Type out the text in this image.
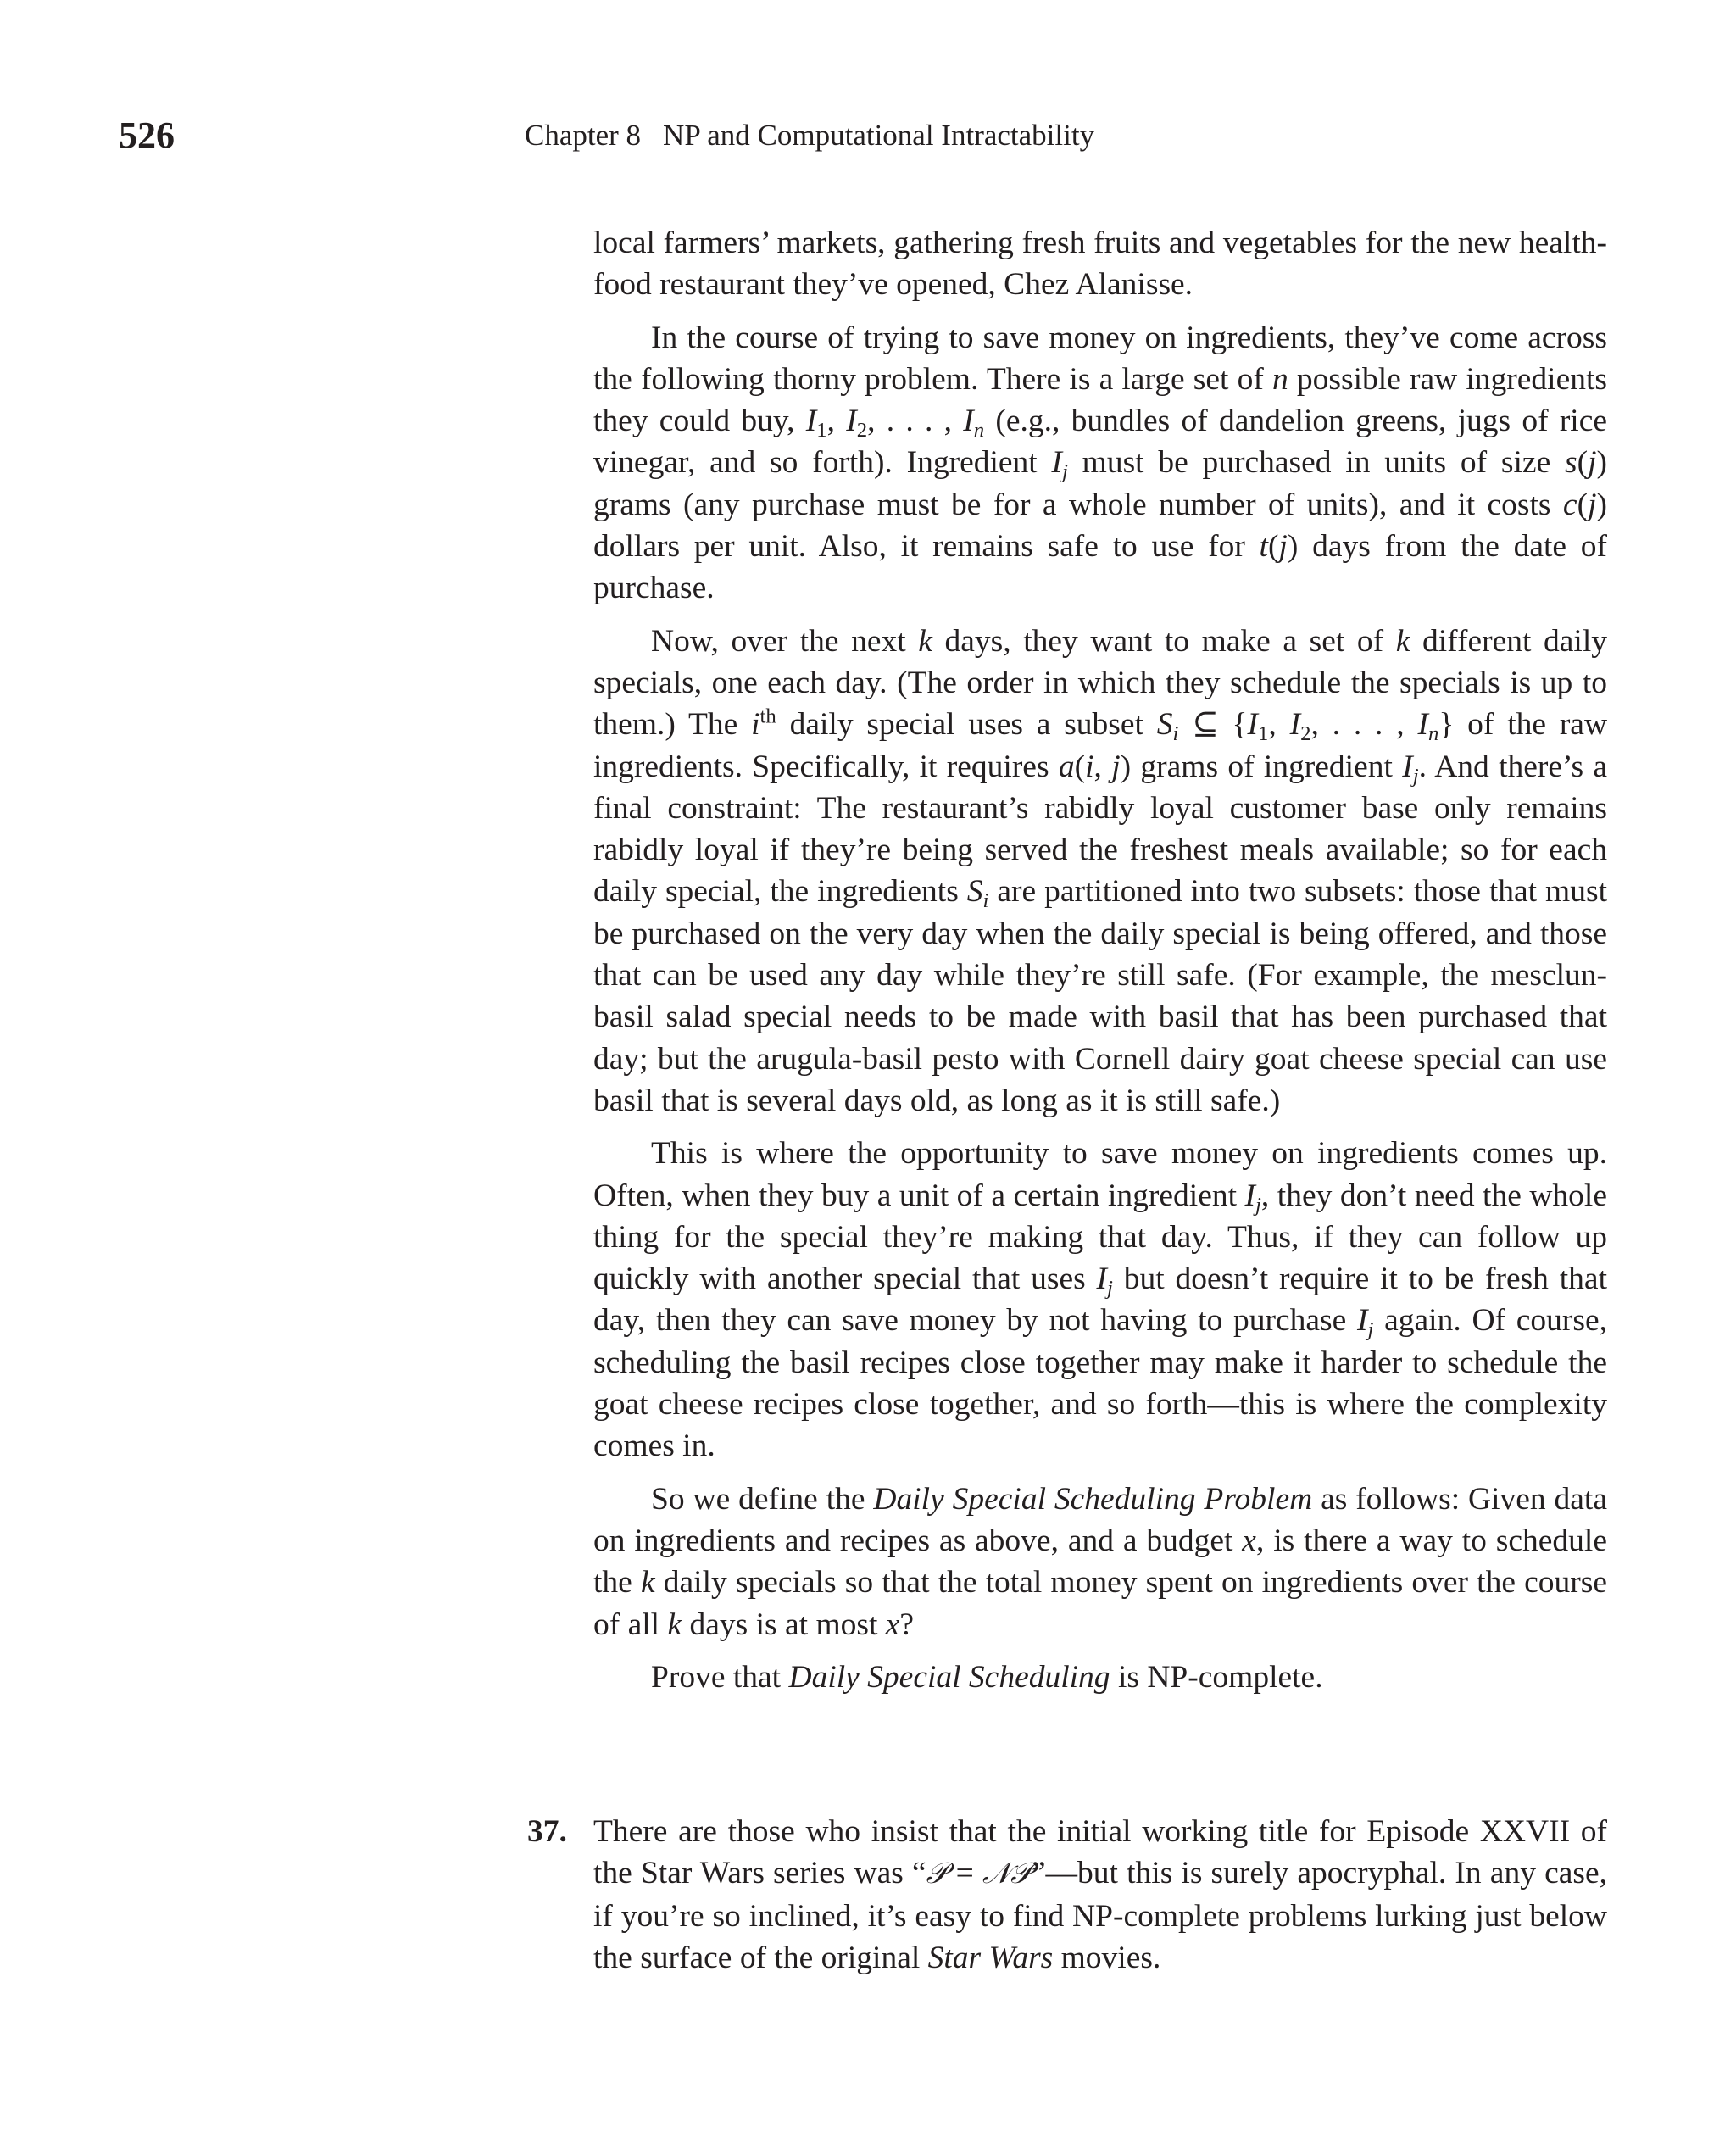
526	Chapter 8 NP and Computational Intractability

local farmers’ markets, gathering fresh fruits and vegetables for the new health-food restaurant they’ve opened, Chez Alanisse.

In the course of trying to save money on ingredients, they’ve come across the following thorny problem. There is a large set of n possible raw ingredients they could buy, $I_1$, $I_2$, . . . , $I_n$ (e.g., bundles of dandelion greens, jugs of rice vinegar, and so forth). Ingredient $I_j$ must be purchased in units of size s(j) grams (any purchase must be for a whole number of units), and it costs c(j) dollars per unit. Also, it remains safe to use for t(j) days from the date of purchase.

Now, over the next k days, they want to make a set of k different daily specials, one each day. (The order in which they schedule the specials is up to them.) The $i^{th}$ daily special uses a subset $S_i$ ⊆ {$I_1$, $I_2$, . . . , $I_n$} of the raw ingredients. Specifically, it requires a(i, j) grams of ingredient $I_j$. And there’s a final constraint: The restaurant’s rabidly loyal customer base only remains rabidly loyal if they’re being served the freshest meals available; so for each daily special, the ingredients $S_i$ are partitioned into two subsets: those that must be purchased on the very day when the daily special is being offered, and those that can be used any day while they’re still safe. (For example, the mesclun-basil salad special needs to be made with basil that has been purchased that day; but the arugula-basil pesto with Cornell dairy goat cheese special can use basil that is several days old, as long as it is still safe.)

This is where the opportunity to save money on ingredients comes up. Often, when they buy a unit of a certain ingredient $I_j$, they don’t need the whole thing for the special they’re making that day. Thus, if they can follow up quickly with another special that uses $I_j$ but doesn’t require it to be fresh that day, then they can save money by not having to purchase $I_j$ again. Of course, scheduling the basil recipes close together may make it harder to schedule the goat cheese recipes close together, and so forth—this is where the complexity comes in.

So we define the Daily Special Scheduling Problem as follows: Given data on ingredients and recipes as above, and a budget x, is there a way to schedule the k daily specials so that the total money spent on ingredients over the course of all k days is at most x?

Prove that Daily Special Scheduling is NP-complete.

37. There are those who insist that the initial working title for Episode XXVII of the Star Wars series was “𝒫 = 𝒩𝒫”—but this is surely apocryphal. In any case, if you’re so inclined, it’s easy to find NP-complete problems lurking just below the surface of the original Star Wars movies.
